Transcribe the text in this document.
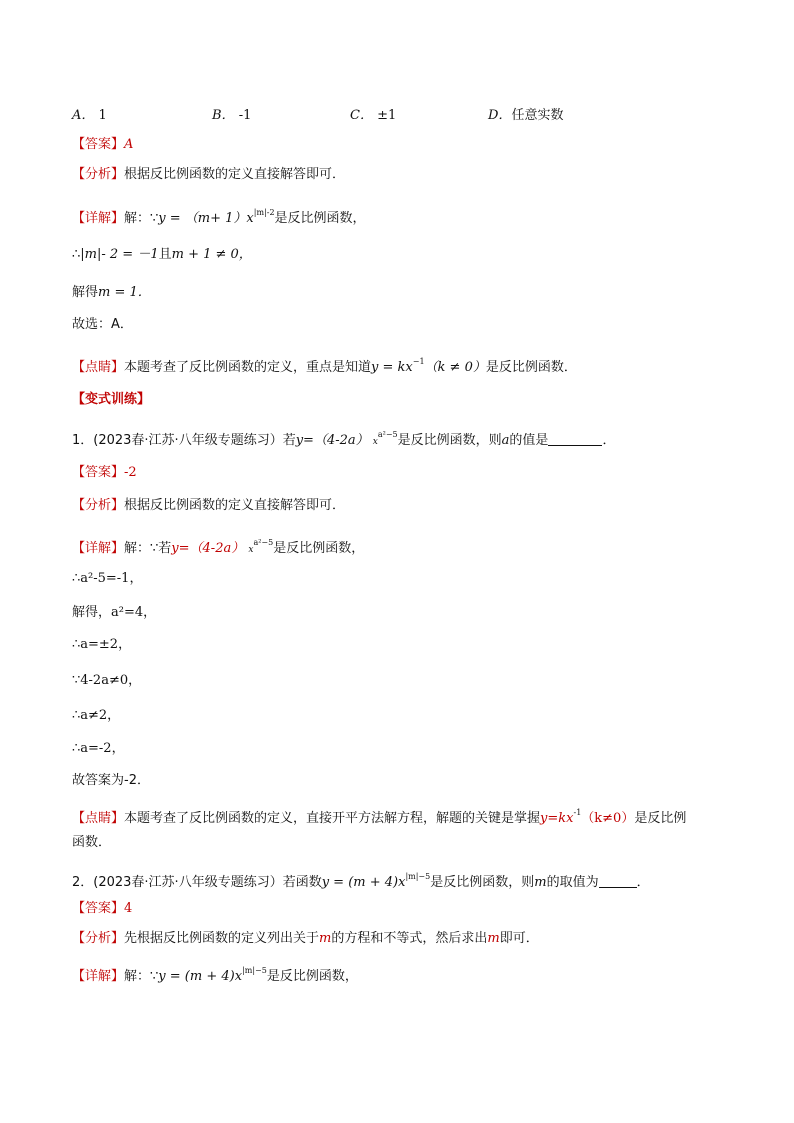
A． 1	B． -1	C． ±1	D．任意实数
【答案】A
【分析】根据反比例函数的定义直接解答即可．
【详解】解：∵y = $(m+ 1)x^{|m|-2}$是反比例函数，
∴|m|- 2 = －1且m + 1 ≠ 0，
解得m = 1．
故选：A．
【点睛】本题考查了反比例函数的定义，重点是知道$y = kx^{-1}(k \ne 0)$是反比例函数．
【变式训练】
1．(2023春·江苏·八年级专题练习）若y=（4-2a） $x^{a^2-5}$是反比例函数，则a的值是	．
【答案】-2
【分析】根据反比例函数的定义直接解答即可．
【详解】解：∵若y=（4-2a） $x^{a^2-5}$是反比例函数，
∴a²-5=-1，
解得，a²=4，
∴a=±2，
∵4-2a≠0，
∴a≠2，
∴a=-2，
故答案为-2．
【点睛】本题考查了反比例函数的定义，直接开平方法解方程，解题的关键是掌握$y=kx^{-1}(k\ne 0)$是反比例
函数．
2．(2023春·江苏·八年级专题练习）若函数$y = (m + 4)x^{|m|-5}$是反比例函数，则m的取值为	．
【答案】4
【分析】先根据反比例函数的定义列出关于m的方程和不等式，然后求出m即可．
【详解】解：∵y = $(m + 4)x^{|m|-5}$是反比例函数，
